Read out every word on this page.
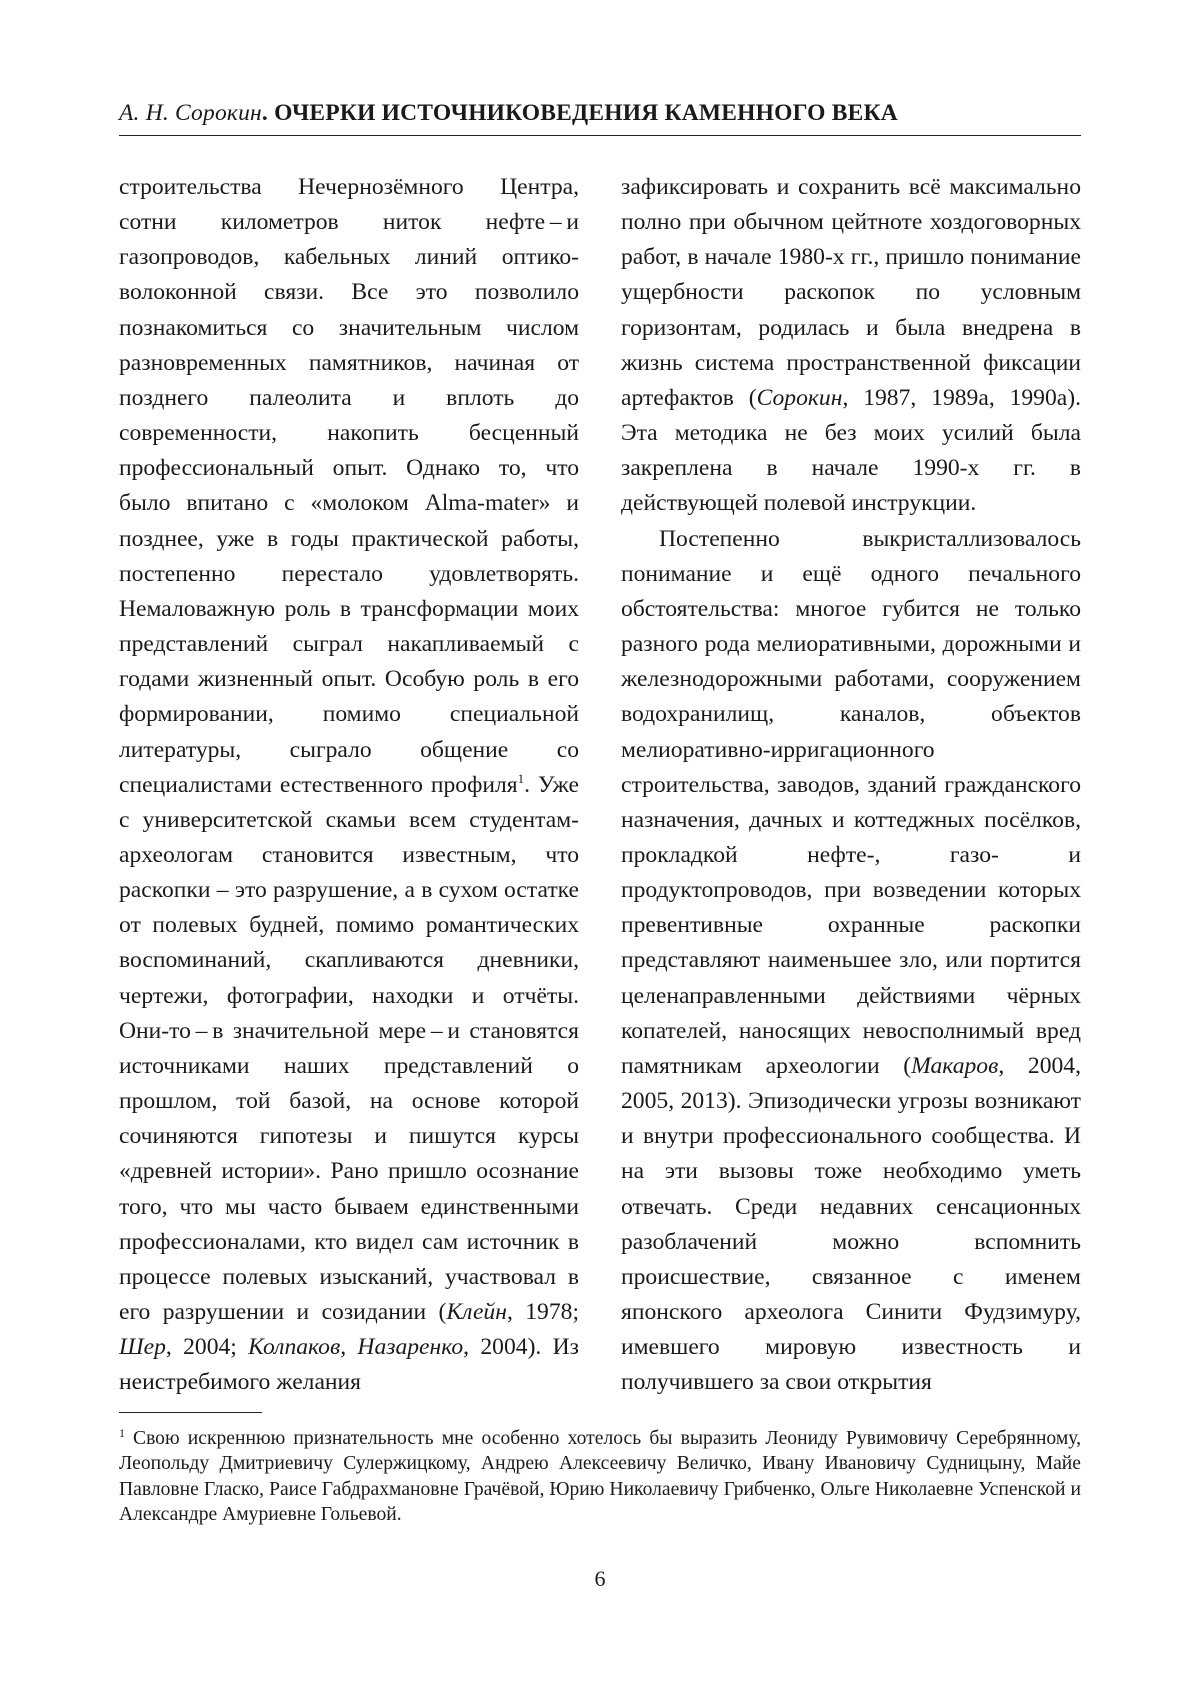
А. Н. Сорокин. ОЧЕРКИ ИСТОЧНИКОВЕДЕНИЯ КАМЕННОГО ВЕКА

строительства Нечернозёмного Центра, сотни километров ниток нефте – и газопроводов, кабельных линий оптико-волоконной связи. Все это позволило познакомиться со значительным числом разновременных памятников, начиная от позднего палеолита и вплоть до современности, накопить бесценный профессиональный опыт. Однако то, что было впитано с «молоком Alma-mater» и позднее, уже в годы практической работы, постепенно перестало удовлетворять. Немаловажную роль в трансформации моих представлений сыграл накапливаемый с годами жизненный опыт. Особую роль в его формировании, помимо специальной литературы, сыграло общение со специалистами естественного профиля$^1$. Уже с университетской скамьи всем студентам-археологам становится известным, что раскопки – это разрушение, а в сухом остатке от полевых будней, помимо романтических воспоминаний, скапливаются дневники, чертежи, фотографии, находки и отчёты. Они-то – в значительной мере – и становятся источниками наших представлений о прошлом, той базой, на основе которой сочиняются гипотезы и пишутся курсы «древней истории». Рано пришло осознание того, что мы часто бываем единственными профессионалами, кто видел сам источник в процессе полевых изысканий, участвовал в его разрушении и созидании (Клейн, 1978; Шер, 2004; Колпаков, Назаренко, 2004). Из неистребимого желания

зафиксировать и сохранить всё максимально полно при обычном цейтноте хоздоговорных работ, в начале 1980-х гг., пришло понимание ущербности раскопок по условным горизонтам, родилась и была внедрена в жизнь система пространственной фиксации артефактов (Сорокин, 1987, 1989а, 1990а). Эта методика не без моих усилий была закреплена в начале 1990-х гг. в действующей полевой инструкции.

Постепенно выкристаллизовалось понимание и ещё одного печального обстоятельства: многое губится не только разного рода мелиоративными, дорожными и железнодорожными работами, сооружением водохранилищ, каналов, объектов мелиоративно-ирригационного строительства, заводов, зданий гражданского назначения, дачных и коттеджных посёлков, прокладкой нефте-, газо- и продуктопроводов, при возведении которых превентивные охранные раскопки представляют наименьшее зло, или портится целенаправленными действиями чёрных копателей, наносящих невосполнимый вред памятникам археологии (Макаров, 2004, 2005, 2013). Эпизодически угрозы возникают и внутри профессионального сообщества. И на эти вызовы тоже необходимо уметь отвечать. Среди недавних сенсационных разоблачений можно вспомнить происшествие, связанное с именем японского археолога Синити Фудзимуру, имевшего мировую известность и получившего за свои открытия

$^1$ Свою искреннюю признательность мне особенно хотелось бы выразить Леониду Рувимовичу Серебрянному, Леопольду Дмитриевичу Сулержицкому, Андрею Алексеевичу Величко, Ивану Ивановичу Судницыну, Майе Павловне Гласко, Раисе Габдрахмановне Грачёвой, Юрию Николаевичу Грибченко, Ольге Николаевне Успенской и Александре Амуриевне Гольевой.
6
